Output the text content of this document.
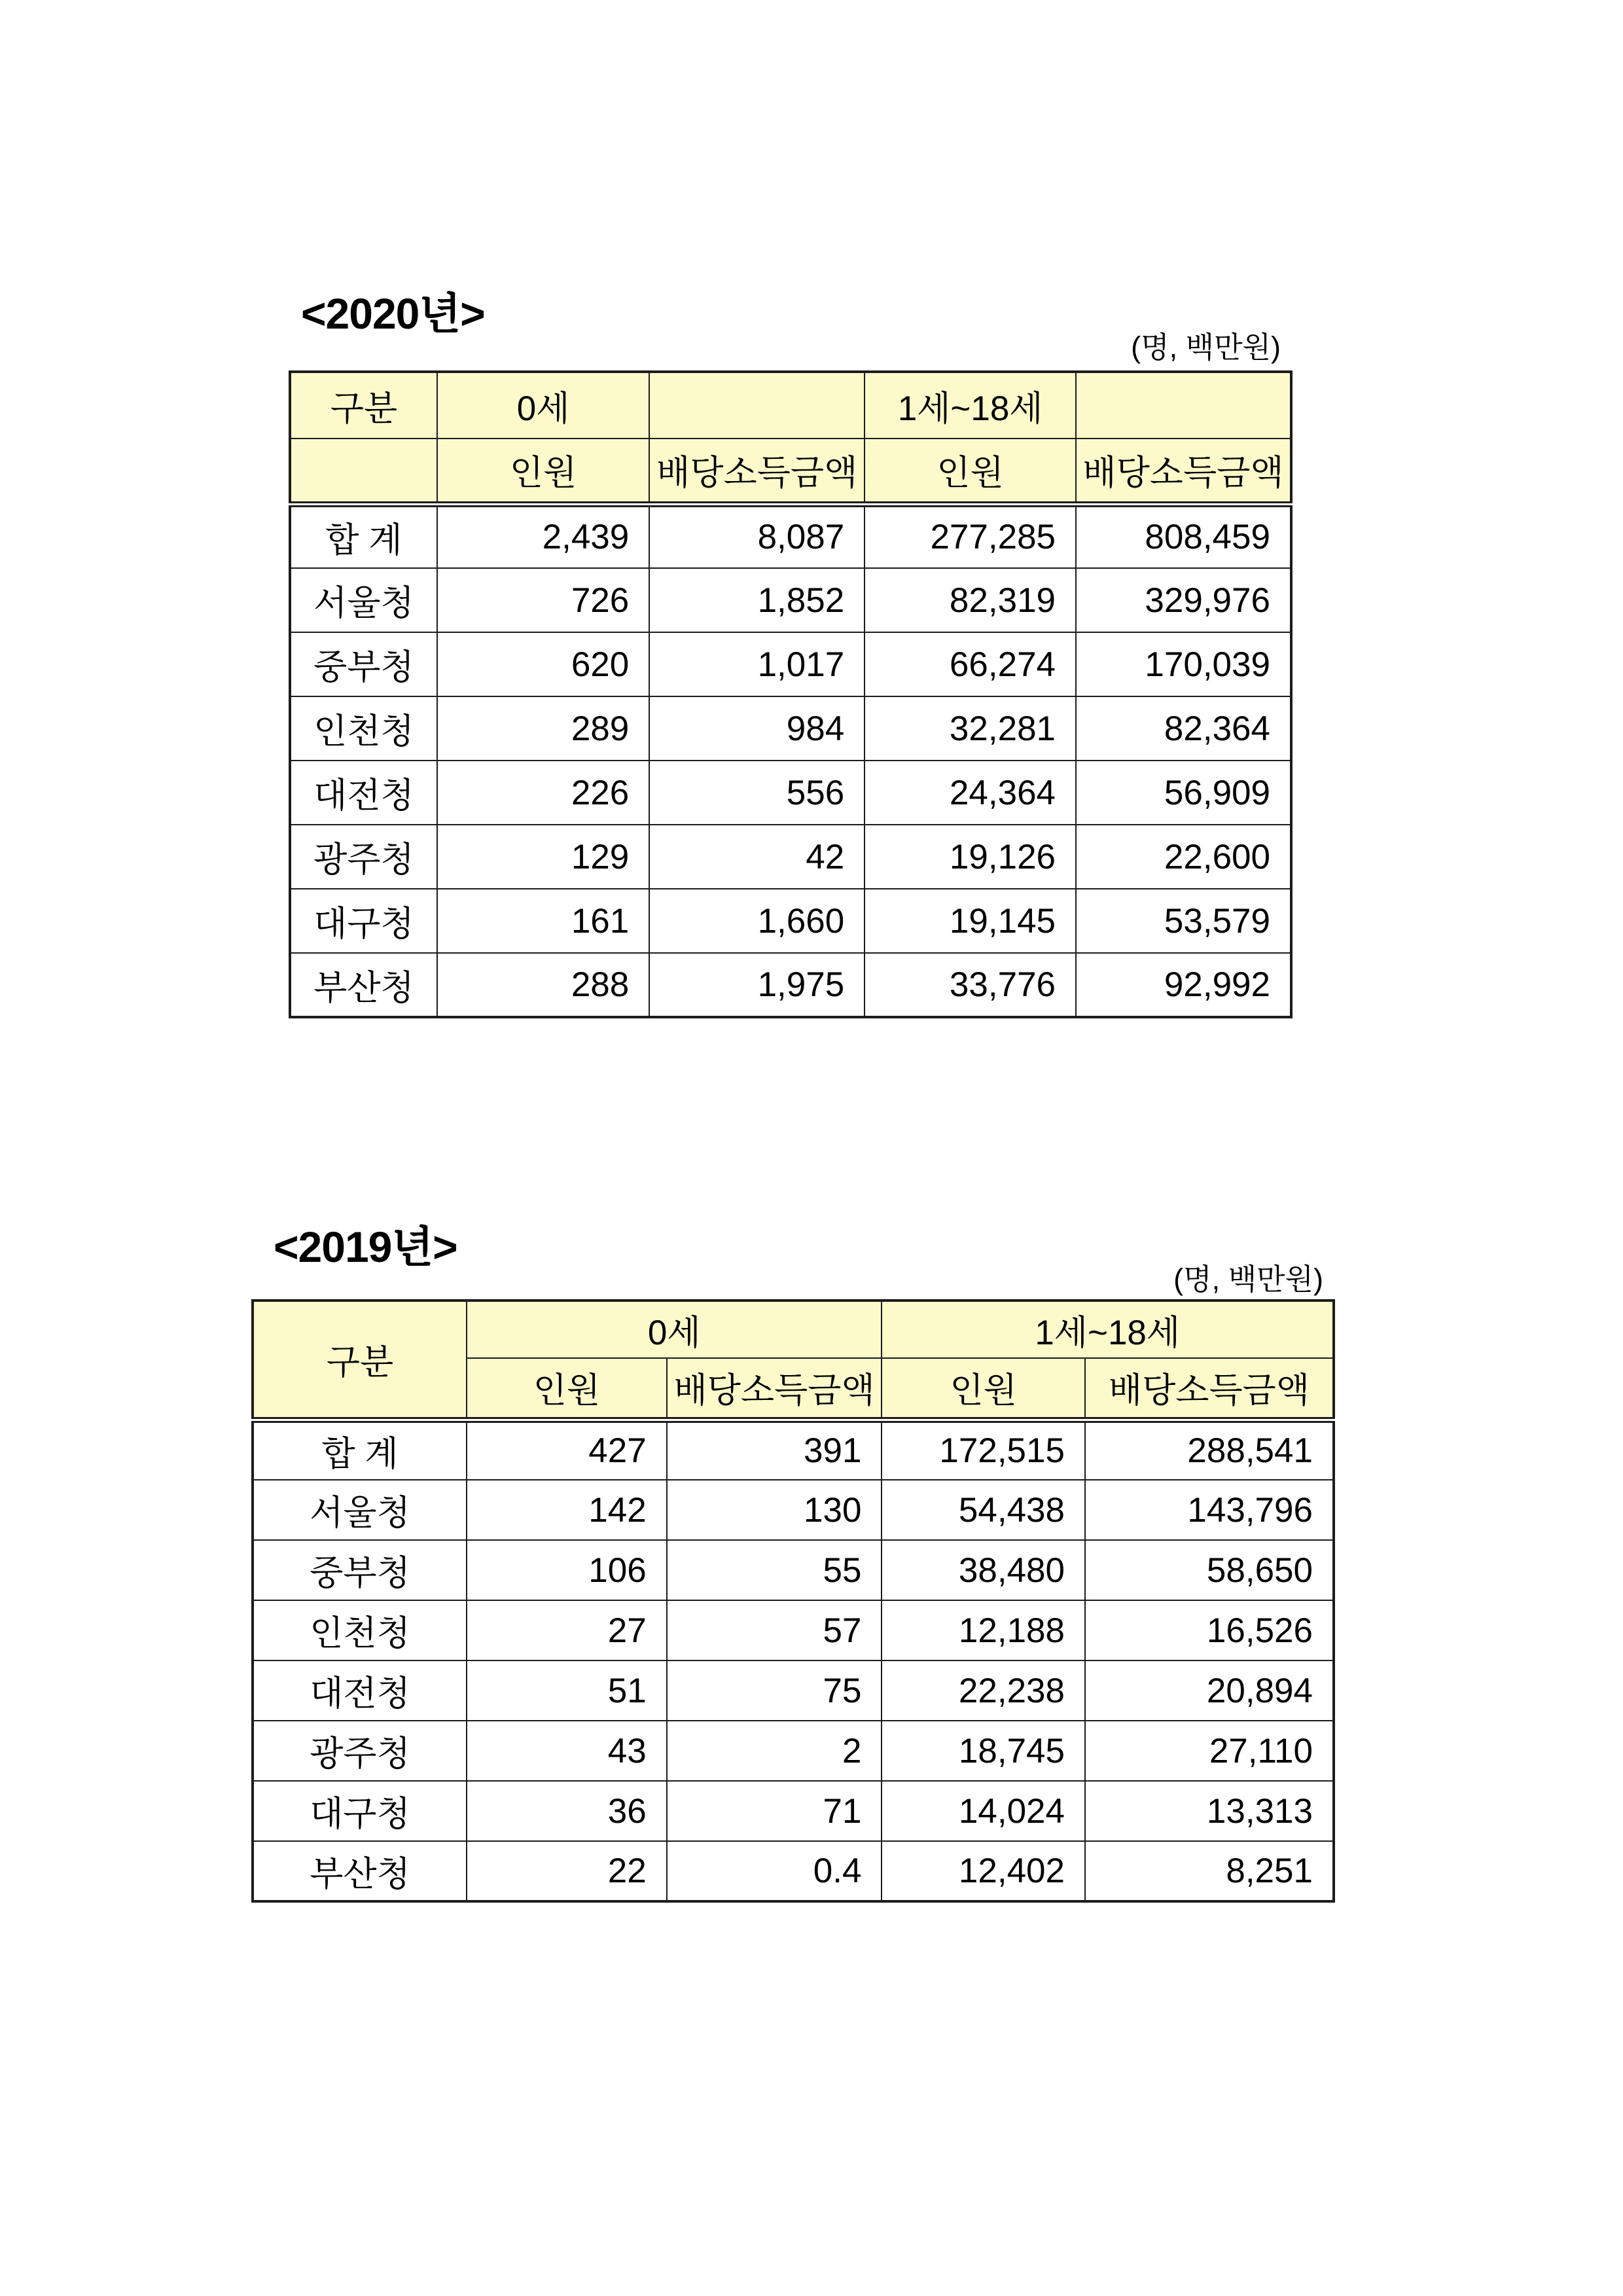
<2020년>
(명, 백만원)
구분	0세		1세~18세	
	인원	배당소득금액	인원	배당소득금액
합 계	2,439	8,087	277,285	808,459
서울청	726	1,852	82,319	329,976
중부청	620	1,017	66,274	170,039
인천청	289	984	32,281	82,364
대전청	226	556	24,364	56,909
광주청	129	42	19,126	22,600
대구청	161	1,660	19,145	53,579
부산청	288	1,975	33,776	92,992
<2019년>
(명, 백만원)
구분	0세		1세~18세	
	인원	배당소득금액	인원	배당소득금액
합 계	427	391	172,515	288,541
서울청	142	130	54,438	143,796
중부청	106	55	38,480	58,650
인천청	27	57	12,188	16,526
대전청	51	75	22,238	20,894
광주청	43	2	18,745	27,110
대구청	36	71	14,024	13,313
부산청	22	0.4	12,402	8,251
